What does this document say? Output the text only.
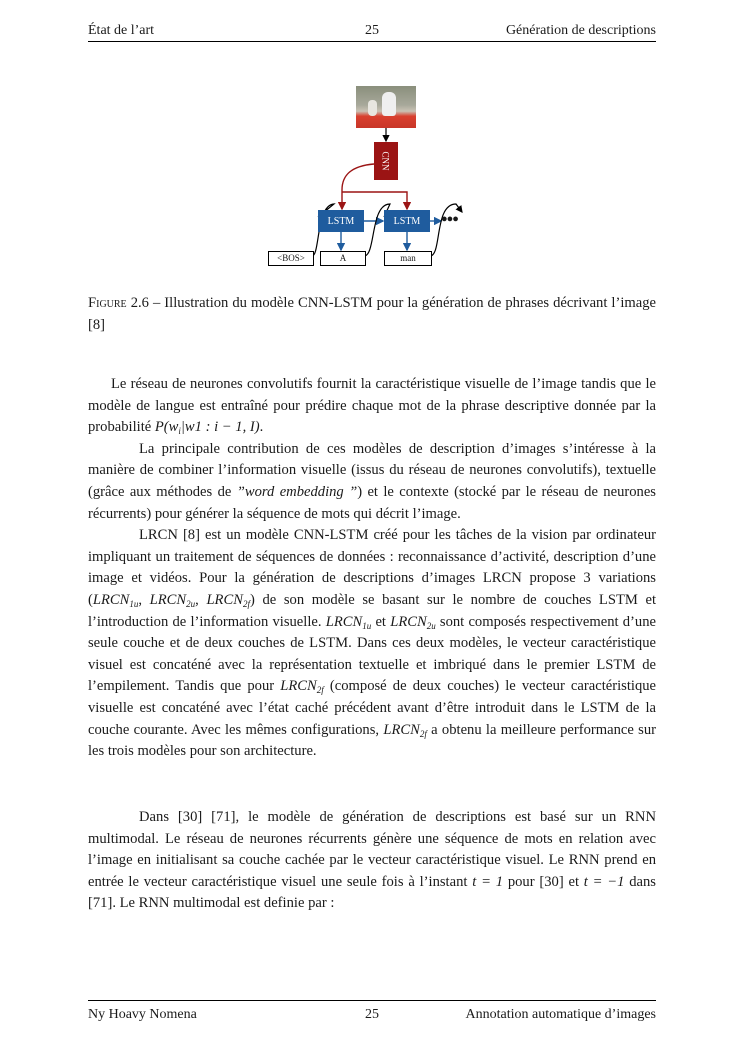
État de l’art	25	Génération de descriptions
CNN
LSTM	LSTM	●●●
<BOS>	A	man
Figure 2.6 – Illustration du modèle CNN-LSTM pour la génération de phrases décrivant l’image [8]

Le réseau de neurones convolutifs fournit la caractéristique visuelle de l’image tandis que le modèle de langue est entraîné pour prédire chaque mot de la phrase descriptive donnée par la probabilité $P(w_i|w1$ : i − 1, I).

La principale contribution de ces modèles de description d’images s’intéresse à la manière de combiner l’information visuelle (issus du réseau de neurones convolutifs), textuelle (grâce aux méthodes de ”word embedding ”) et le contexte (stocké par le réseau de neurones récurrents) pour générer la séquence de mots qui décrit l’image.

LRCN [8] est un modèle CNN-LSTM créé pour les tâches de la vision par ordinateur impliquant un traitement de séquences de données : reconnaissance d’activité, description d’une image et vidéos. Pour la génération de descriptions d’images LRCN propose 3 variations ($LRCN_{1u}$, $LRCN_{2u}$, $LRCN_{2f}$) de son modèle se basant sur le nombre de couches LSTM et l’introduction de l’information visuelle. $LRCN_{1u}$ et $LRCN_{2u}$ sont composés respectivement d’une seule couche et de deux couches de LSTM. Dans ces deux modèles, le vecteur caractéristique visuel est concaténé avec la représentation textuelle et imbriqué dans le premier LSTM de l’empilement. Tandis que pour $LRCN_{2f}$ (composé de deux couches) le vecteur caractéristique visuelle est concaténé avec l’état caché précédent avant d’être introduit dans le LSTM de la couche courante. Avec les mêmes configurations, $LRCN_{2f}$ a obtenu la meilleure performance sur les trois modèles pour son architecture.

Dans [30] [71], le modèle de génération de descriptions est basé sur un RNN multimodal. Le réseau de neurones récurrents génère une séquence de mots en relation avec l’image en initialisant sa couche cachée par le vecteur caractéristique visuel. Le RNN prend en entrée le vecteur caractéristique visuel une seule fois à l’instant t = 1 pour [30] et t = −1 dans [71]. Le RNN multimodal est definie par :

Ny Hoavy Nomena	25	Annotation automatique d’images
